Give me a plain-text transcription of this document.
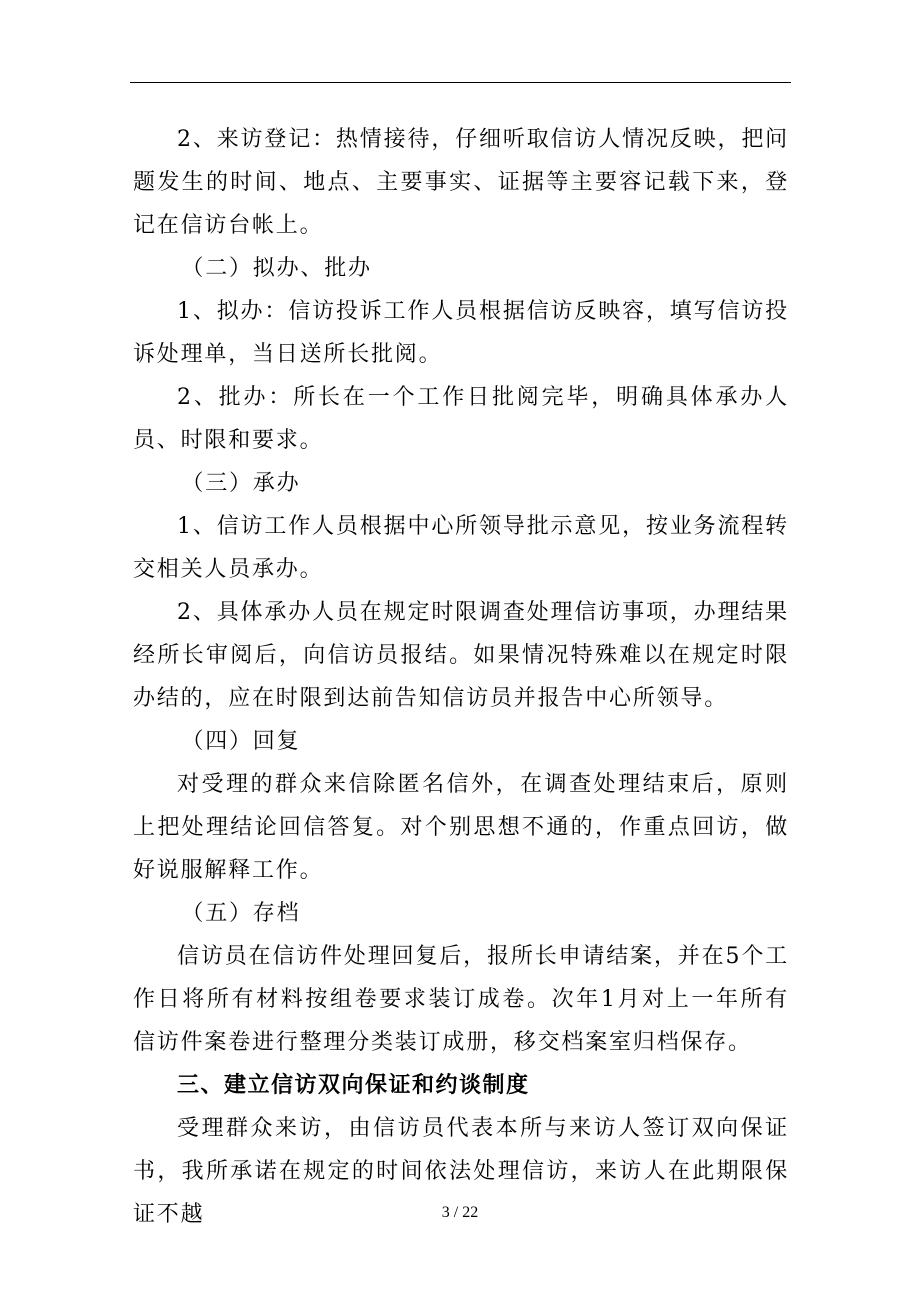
2、来访登记：热情接待，仔细听取信访人情况反映，把问题发生的时间、地点、主要事实、证据等主要容记载下来，登记在信访台帐上。

（二）拟办、批办

1、拟办：信访投诉工作人员根据信访反映容，填写信访投诉处理单，当日送所长批阅。

2、批办：所长在一个工作日批阅完毕，明确具体承办人员、时限和要求。

（三）承办

1、信访工作人员根据中心所领导批示意见，按业务流程转交相关人员承办。

2、具体承办人员在规定时限调查处理信访事项，办理结果经所长审阅后，向信访员报结。如果情况特殊难以在规定时限办结的，应在时限到达前告知信访员并报告中心所领导。

（四）回复

对受理的群众来信除匿名信外，在调查处理结束后，原则上把处理结论回信答复。对个别思想不通的，作重点回访，做好说服解释工作。

（五）存档

信访员在信访件处理回复后，报所长申请结案，并在5个工作日将所有材料按组卷要求装订成卷。次年1月对上一年所有信访件案卷进行整理分类装订成册，移交档案室归档保存。

三、建立信访双向保证和约谈制度

受理群众来访，由信访员代表本所与来访人签订双向保证书，我所承诺在规定的时间依法处理信访，来访人在此期限保证不越	3 / 22
